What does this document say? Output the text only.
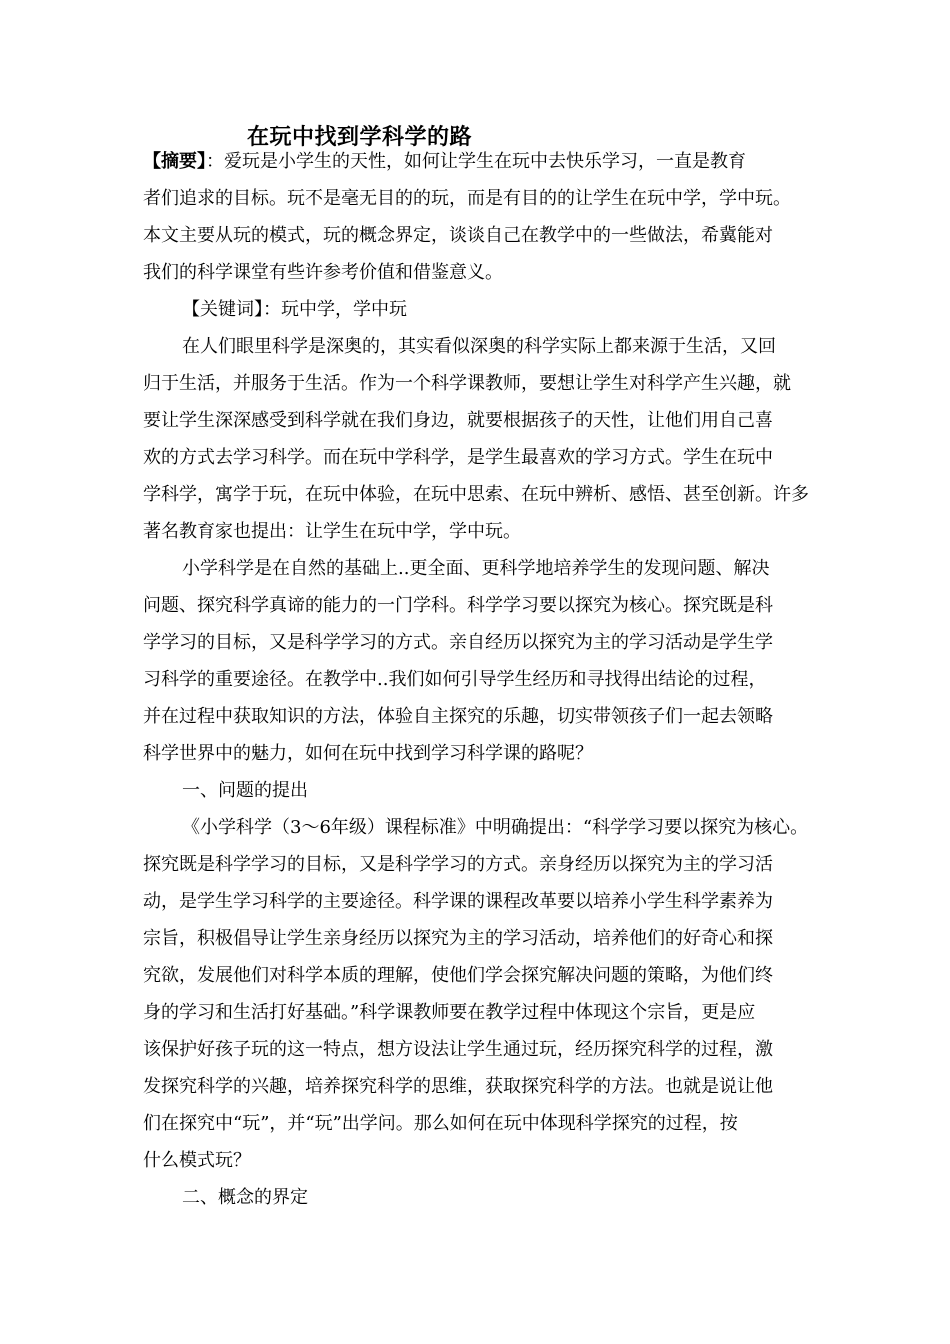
在玩中找到学科学的路
【摘要】：爱玩是小学生的天性，如何让学生在玩中去快乐学习，一直是教育
者们追求的目标。玩不是毫无目的的玩，而是有目的的让学生在玩中学，学中玩。
本文主要从玩的模式，玩的概念界定，谈谈自己在教学中的一些做法，希冀能对
我们的科学课堂有些许参考价值和借鉴意义。
【关键词】：玩中学，学中玩
在人们眼里科学是深奥的，其实看似深奥的科学实际上都来源于生活，又回
归于生活，并服务于生活。作为一个科学课教师，要想让学生对科学产生兴趣，就
要让学生深深感受到科学就在我们身边，就要根据孩子的天性，让他们用自己喜
欢的方式去学习科学。而在玩中学科学，是学生最喜欢的学习方式。学生在玩中
学科学，寓学于玩，在玩中体验，在玩中思索、在玩中辨析、感悟、甚至创新。许多
著名教育家也提出：让学生在玩中学，学中玩。
小学科学是在自然的基础上..更全面、更科学地培养学生的发现问题、解决
问题、探究科学真谛的能力的一门学科。科学学习要以探究为核心。探究既是科
学学习的目标，又是科学学习的方式。亲自经历以探究为主的学习活动是学生学
习科学的重要途径。在教学中..我们如何引导学生经历和寻找得出结论的过程，
并在过程中获取知识的方法，体验自主探究的乐趣，切实带领孩子们一起去领略
科学世界中的魅力，如何在玩中找到学习科学课的路呢？
一、问题的提出
《小学科学（3～6年级）课程标准》中明确提出：“科学学习要以探究为核心。
探究既是科学学习的目标，又是科学学习的方式。亲身经历以探究为主的学习活
动，是学生学习科学的主要途径。科学课的课程改革要以培养小学生科学素养为
宗旨，积极倡导让学生亲身经历以探究为主的学习活动，培养他们的好奇心和探
究欲，发展他们对科学本质的理解，使他们学会探究解决问题的策略，为他们终
身的学习和生活打好基础。”科学课教师要在教学过程中体现这个宗旨，更是应
该保护好孩子玩的这一特点，想方设法让学生通过玩，经历探究科学的过程，激
发探究科学的兴趣，培养探究科学的思维，获取探究科学的方法。也就是说让他
们在探究中“玩”，并“玩”出学问。那么如何在玩中体现科学探究的过程，按
什么模式玩？
二、概念的界定
